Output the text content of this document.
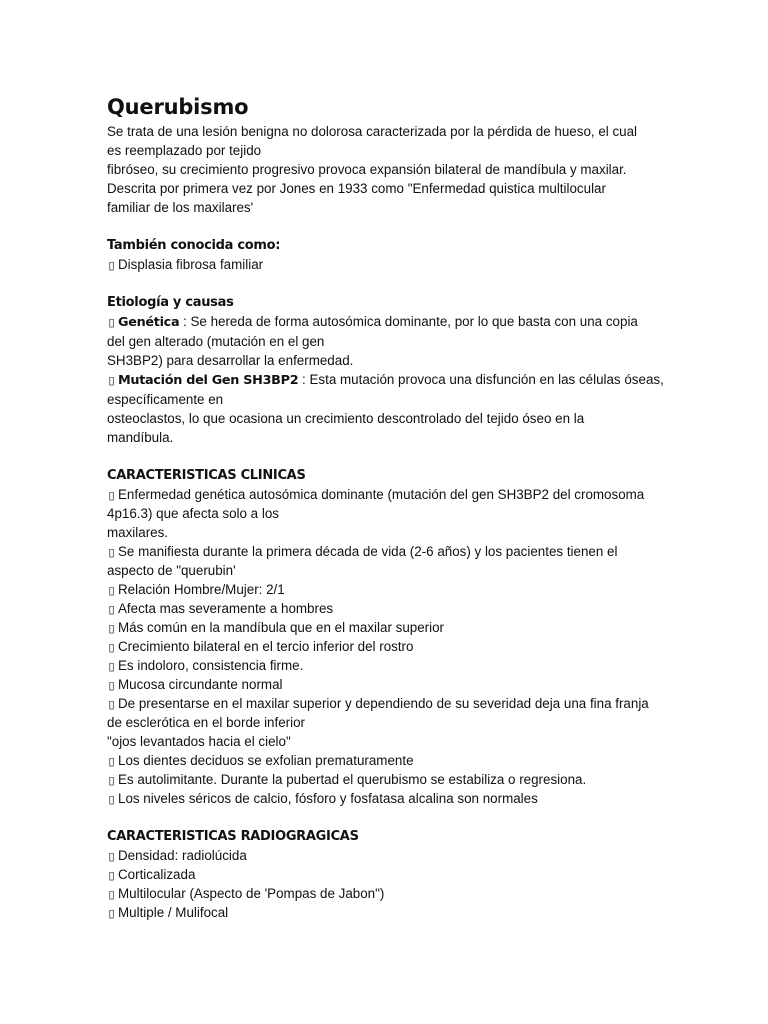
Querubismo
Se trata de una lesión benigna no dolorosa caracterizada por la pérdida de hueso, el cual
es reemplazado por tejido
fibróseo, su crecimiento progresivo provoca expansión bilateral de mandíbula y maxilar.
Descrita por primera vez por Jones en 1933 como "Enfermedad quistica multilocular
familiar de los maxilares'
También conocida como:
▯ Displasia fibrosa familiar
Etiología y causas
▯ Genética : Se hereda de forma autosómica dominante, por lo que basta con una copia
del gen alterado (mutación en el gen
SH3BP2) para desarrollar la enfermedad.
▯ Mutación del Gen SH3BP2 : Esta mutación provoca una disfunción en las células óseas,
específicamente en
osteoclastos, lo que ocasiona un crecimiento descontrolado del tejido óseo en la
mandíbula.
CARACTERISTICAS CLINICAS
▯ Enfermedad genética autosómica dominante (mutación del gen SH3BP2 del cromosoma
4p16.3) que afecta solo a los
maxilares.
▯ Se manifiesta durante la primera década de vida (2-6 años) y los pacientes tienen el
aspecto de "querubin'
▯ Relación Hombre/Mujer: 2/1
▯ Afecta mas severamente a hombres
▯ Más común en la mandíbula que en el maxilar superior
▯ Crecimiento bilateral en el tercio inferior del rostro
▯ Es indoloro, consistencia firme.
▯ Mucosa circundante normal
▯ De presentarse en el maxilar superior y dependiendo de su severidad deja una fina franja
de esclerótica en el borde inferior
"ojos levantados hacia el cielo"
▯ Los dientes deciduos se exfolian prematuramente
▯ Es autolimitante. Durante la pubertad el querubismo se estabiliza o regresiona.
▯ Los niveles séricos de calcio, fósforo y fosfatasa alcalina son normales
CARACTERISTICAS RADIOGRAGICAS
▯ Densidad: radiolúcida
▯ Corticalizada
▯ Multilocular (Aspecto de 'Pompas de Jabon")
▯ Multiple / Mulifocal
